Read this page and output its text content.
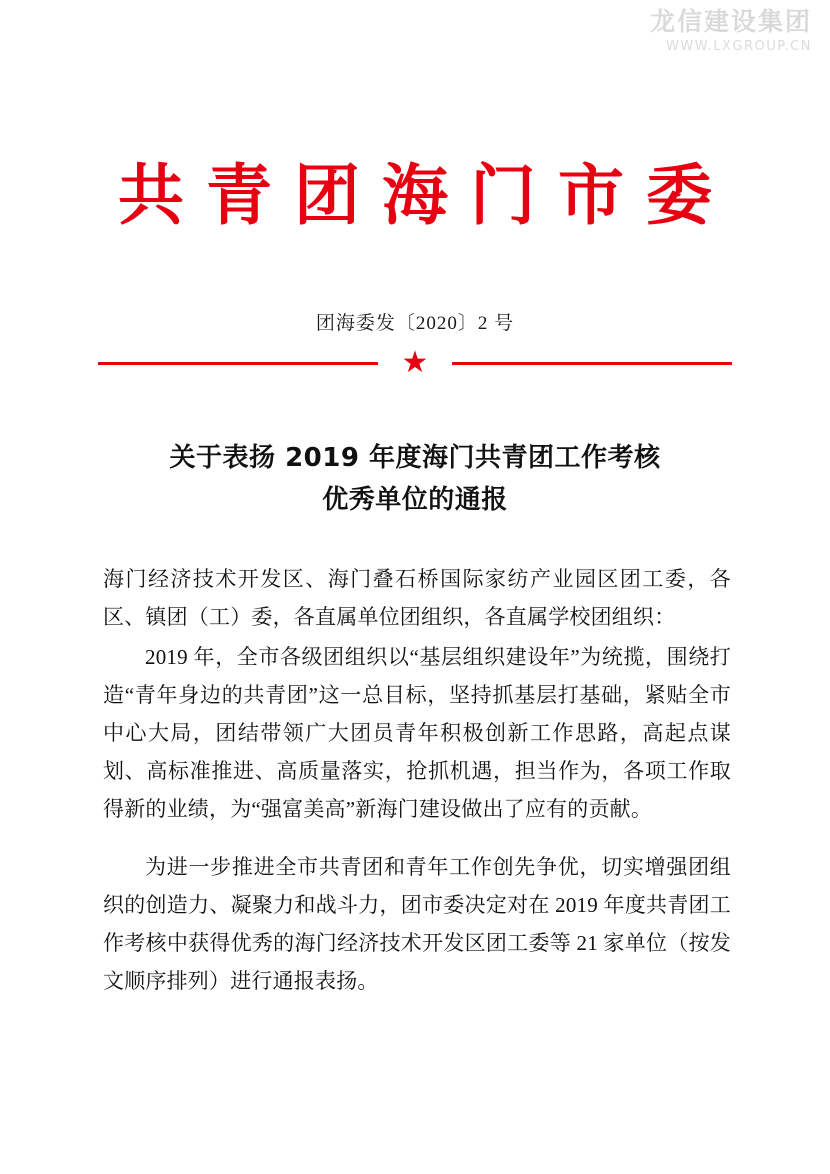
龙信建设集团
WWW.LXGROUP.CN
共青团海门市委
团海委发〔2020〕2 号
★
关于表扬 2019 年度海门共青团工作考核
优秀单位的通报

海门经济技术开发区、海门叠石桥国际家纺产业园区团工委，各区、镇团（工）委，各直属单位团组织，各直属学校团组织：

2019 年，全市各级团组织以“基层组织建设年”为统揽，围绕打造“青年身边的共青团”这一总目标，坚持抓基层打基础，紧贴全市中心大局，团结带领广大团员青年积极创新工作思路，高起点谋划、高标准推进、高质量落实，抢抓机遇，担当作为，各项工作取得新的业绩，为“强富美高”新海门建设做出了应有的贡献。

为进一步推进全市共青团和青年工作创先争优，切实增强团组织的创造力、凝聚力和战斗力，团市委决定对在 2019 年度共青团工作考核中获得优秀的海门经济技术开发区团工委等 21 家单位（按发文顺序排列）进行通报表扬。
